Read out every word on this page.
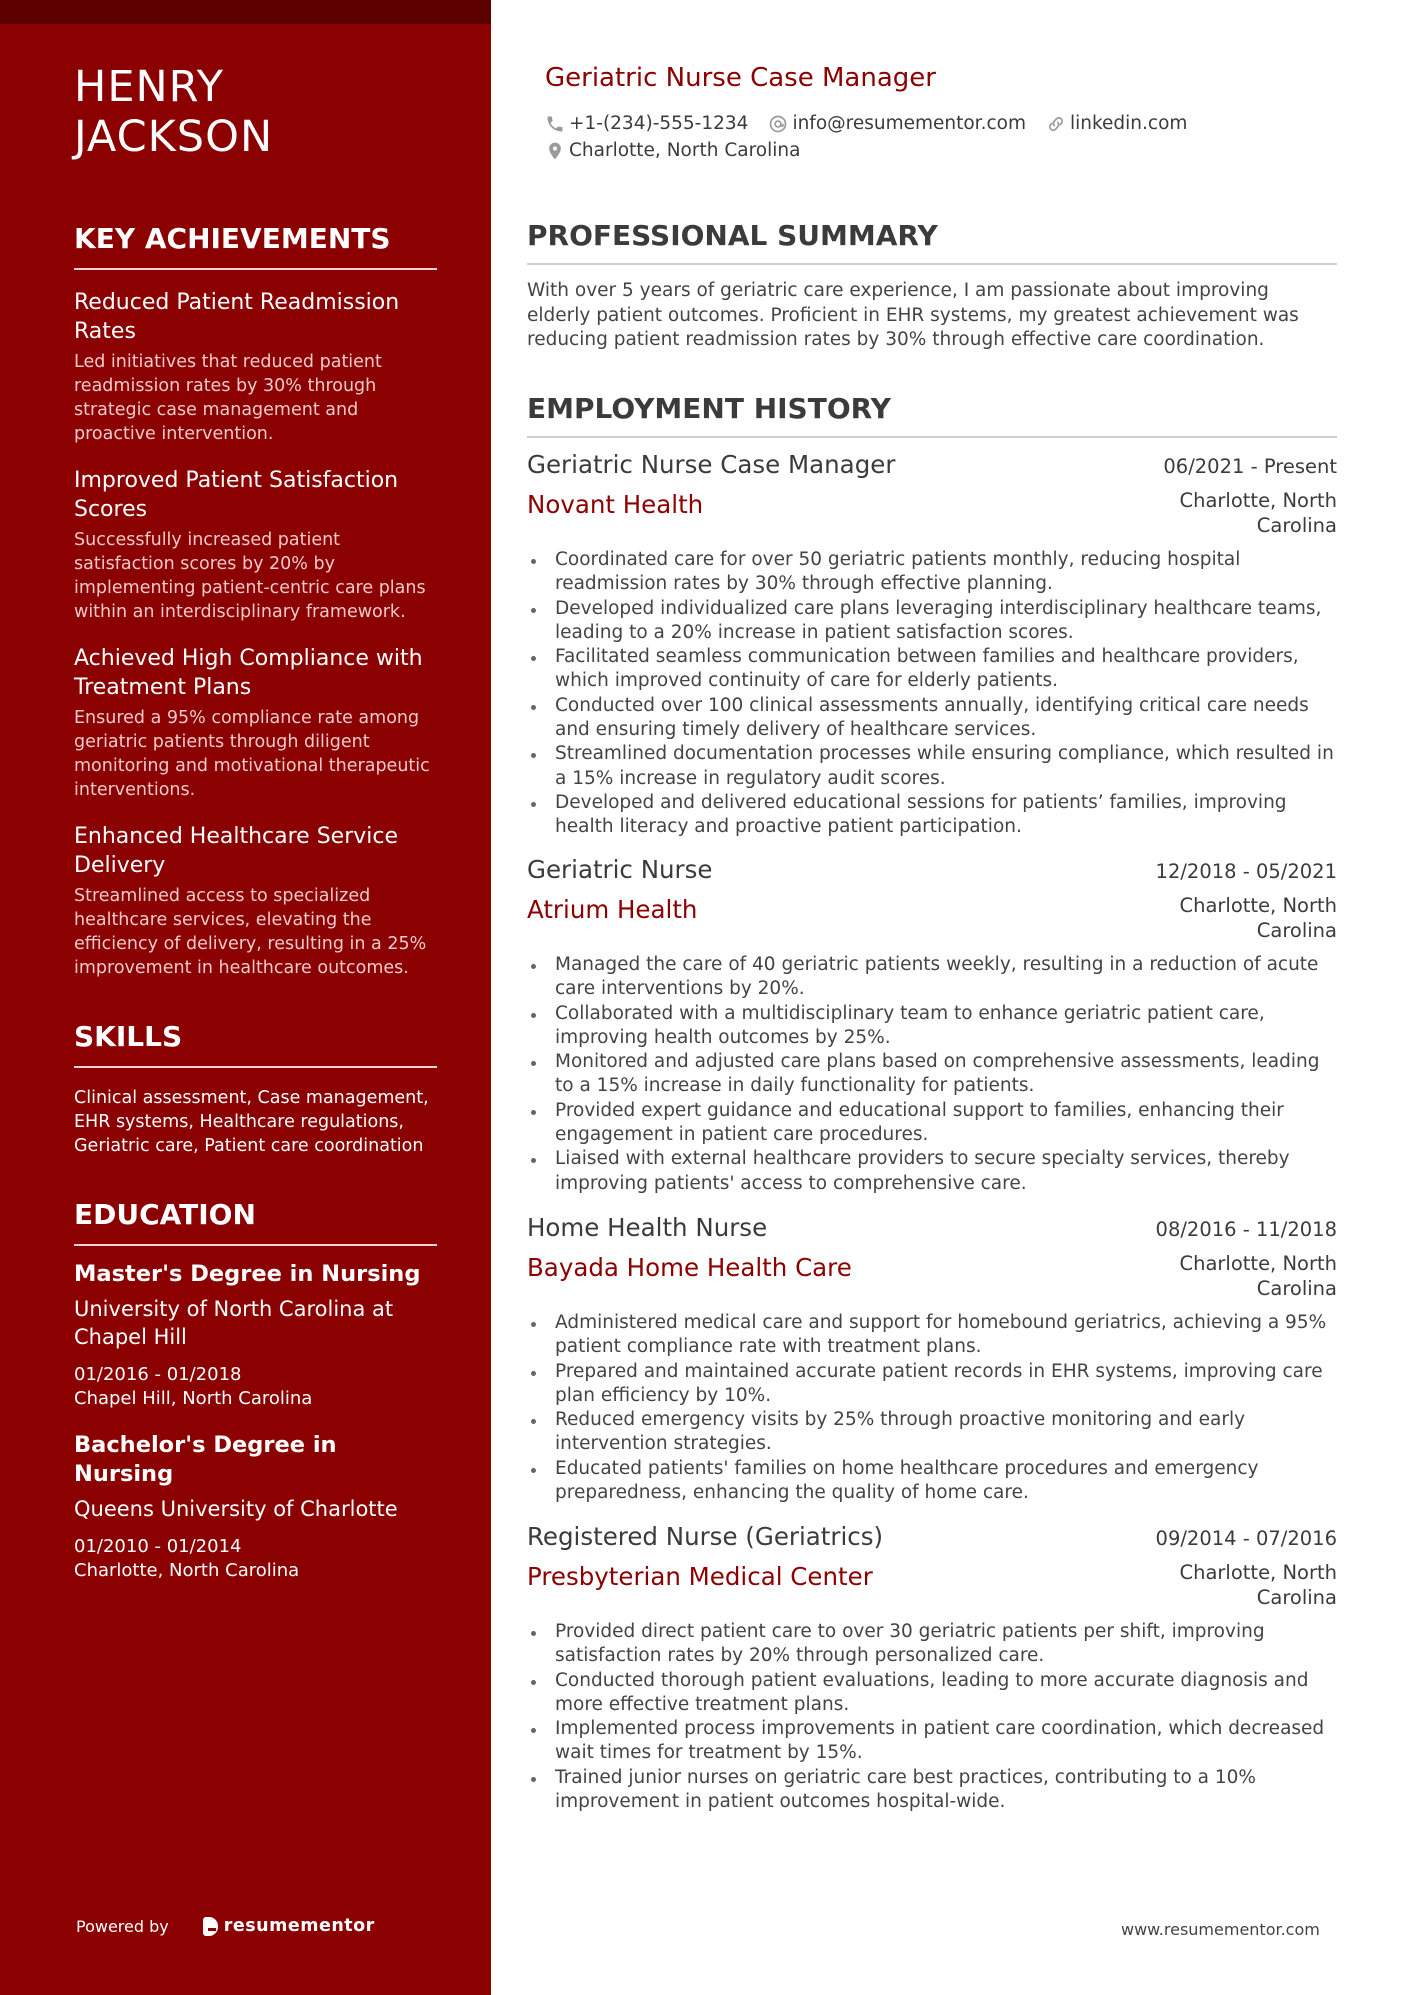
HENRY
JACKSON
KEY ACHIEVEMENTS

Reduced Patient Readmission Rates

Led initiatives that reduced patient readmission rates by 30% through strategic case management and proactive intervention.

Improved Patient Satisfaction Scores

Successfully increased patient satisfaction scores by 20% by implementing patient-centric care plans within an interdisciplinary framework.

Achieved High Compliance with Treatment Plans

Ensured a 95% compliance rate among geriatric patients through diligent monitoring and motivational therapeutic interventions.

Enhanced Healthcare Service Delivery

Streamlined access to specialized healthcare services, elevating the efficiency of delivery, resulting in a 25% improvement in healthcare outcomes.

SKILLS

Clinical assessment, Case management, EHR systems, Healthcare regulations, Geriatric care, Patient care coordination

EDUCATION

Master's Degree in Nursing

University of North Carolina at Chapel Hill

01/2016 - 01/2018
Chapel Hill, North Carolina

Bachelor's Degree in Nursing

Queens University of Charlotte

01/2010 - 01/2014
Charlotte, North Carolina

Powered by	resumementor
Geriatric Nurse Case Manager
+1-(234)-555-1234 info@resumementor.com linkedin.com
Charlotte, North Carolina
PROFESSIONAL SUMMARY

With over 5 years of geriatric care experience, I am passionate about improving elderly patient outcomes. Proficient in EHR systems, my greatest achievement was reducing patient readmission rates by 30% through effective care coordination.

EMPLOYMENT HISTORY
Geriatric Nurse Case Manager	06/2021 - Present
Novant Health	Charlotte, North Carolina
Coordinated care for over 50 geriatric patients monthly, reducing hospital readmission rates by 30% through effective planning.
Developed individualized care plans leveraging interdisciplinary healthcare teams, leading to a 20% increase in patient satisfaction scores.
Facilitated seamless communication between families and healthcare providers, which improved continuity of care for elderly patients.
Conducted over 100 clinical assessments annually, identifying critical care needs and ensuring timely delivery of healthcare services.
Streamlined documentation processes while ensuring compliance, which resulted in a 15% increase in regulatory audit scores.
Developed and delivered educational sessions for patients’ families, improving health literacy and proactive patient participation.
Geriatric Nurse	12/2018 - 05/2021
Atrium Health	Charlotte, North Carolina
Managed the care of 40 geriatric patients weekly, resulting in a reduction of acute care interventions by 20%.
Collaborated with a multidisciplinary team to enhance geriatric patient care, improving health outcomes by 25%.
Monitored and adjusted care plans based on comprehensive assessments, leading to a 15% increase in daily functionality for patients.
Provided expert guidance and educational support to families, enhancing their engagement in patient care procedures.
Liaised with external healthcare providers to secure specialty services, thereby improving patients' access to comprehensive care.
Home Health Nurse	08/2016 - 11/2018
Bayada Home Health Care	Charlotte, North Carolina
Administered medical care and support for homebound geriatrics, achieving a 95% patient compliance rate with treatment plans.
Prepared and maintained accurate patient records in EHR systems, improving care plan efficiency by 10%.
Reduced emergency visits by 25% through proactive monitoring and early intervention strategies.
Educated patients' families on home healthcare procedures and emergency preparedness, enhancing the quality of home care.
Registered Nurse (Geriatrics)	09/2014 - 07/2016
Presbyterian Medical Center	Charlotte, North Carolina
Provided direct patient care to over 30 geriatric patients per shift, improving satisfaction rates by 20% through personalized care.
Conducted thorough patient evaluations, leading to more accurate diagnosis and more effective treatment plans.
Implemented process improvements in patient care coordination, which decreased wait times for treatment by 15%.
Trained junior nurses on geriatric care best practices, contributing to a 10% improvement in patient outcomes hospital-wide.
www.resumementor.com
